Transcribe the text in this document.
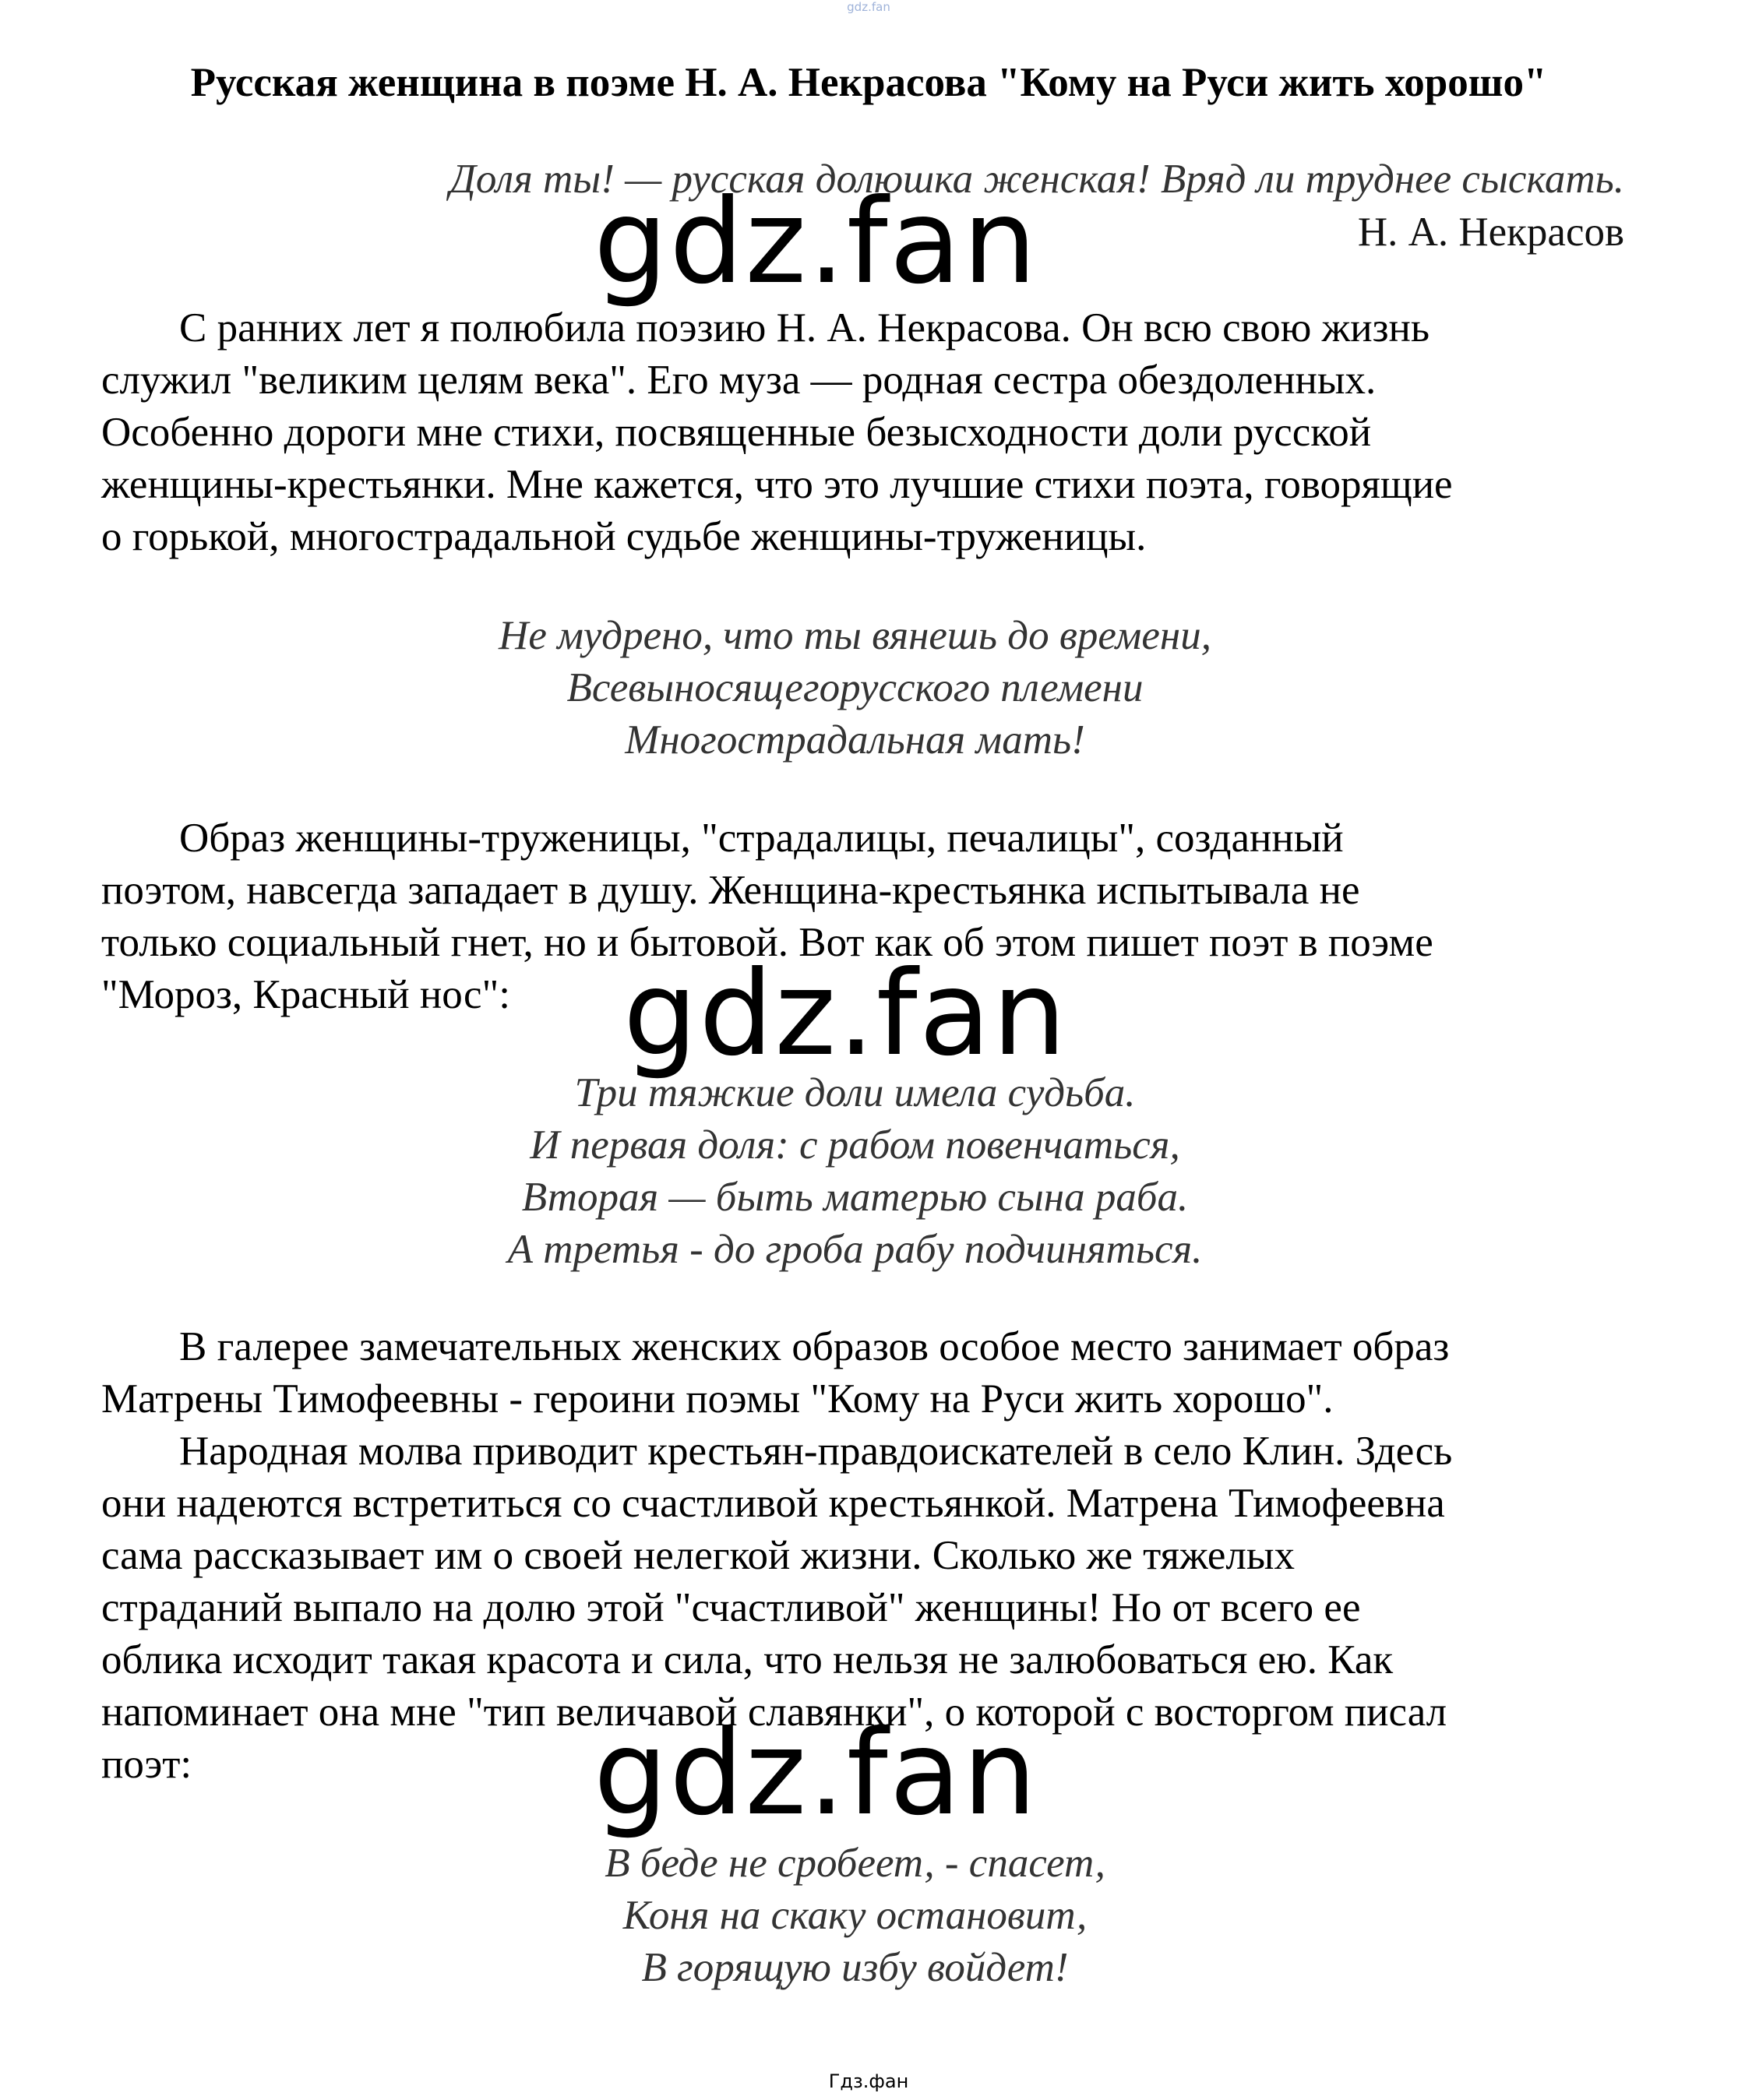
gdz.fan
Русская женщина в поэме Н. А. Некрасова "Кому на Руси жить хорошо"
Доля ты! — русская долюшка женская! Вряд ли труднее сыскать.
Н. А. Некрасов
С ранних лет я полюбила поэзию Н. А. Некрасова. Он всю свою жизнь
служил "великим целям века". Его муза — родная сестра обездоленных.
Особенно дороги мне стихи, посвященные безысходности доли русской
женщины-крестьянки. Мне кажется, что это лучшие стихи поэта, говорящие
о горькой, многострадальной судьбе женщины-труженицы.
Не мудрено, что ты вянешь до времени,
Всевыносящегорусского племени
Многострадальная мать!
Образ женщины-труженицы, "страдалицы, печалицы", созданный
поэтом, навсегда западает в душу. Женщина-крестьянка испытывала не
только социальный гнет, но и бытовой. Вот как об этом пишет поэт в поэме
"Мороз, Красный нос":
Три тяжкие доли имела судьба.
И первая доля: с рабом повенчаться,
Вторая — быть матерью сына раба.
А третья - до гроба рабу подчиняться.
В галерее замечательных женских образов особое место занимает образ
Матрены Тимофеевны - героини поэмы "Кому на Руси жить хорошо".
Народная молва приводит крестьян-правдоискателей в село Клин. Здесь
они надеются встретиться со счастливой крестьянкой. Матрена Тимофеевна
сама рассказывает им о своей нелегкой жизни. Сколько же тяжелых
страданий выпало на долю этой "счастливой" женщины! Но от всего ее
облика исходит такая красота и сила, что нельзя не залюбоваться ею. Как
напоминает она мне "тип величавой славянки", о которой с восторгом писал
поэт:
В беде не сробеет, - спасет,
Коня на скаку остановит,
В горящую избу войдет!
gdz.fan
gdz.fan
gdz.fan
Гдз.фан
